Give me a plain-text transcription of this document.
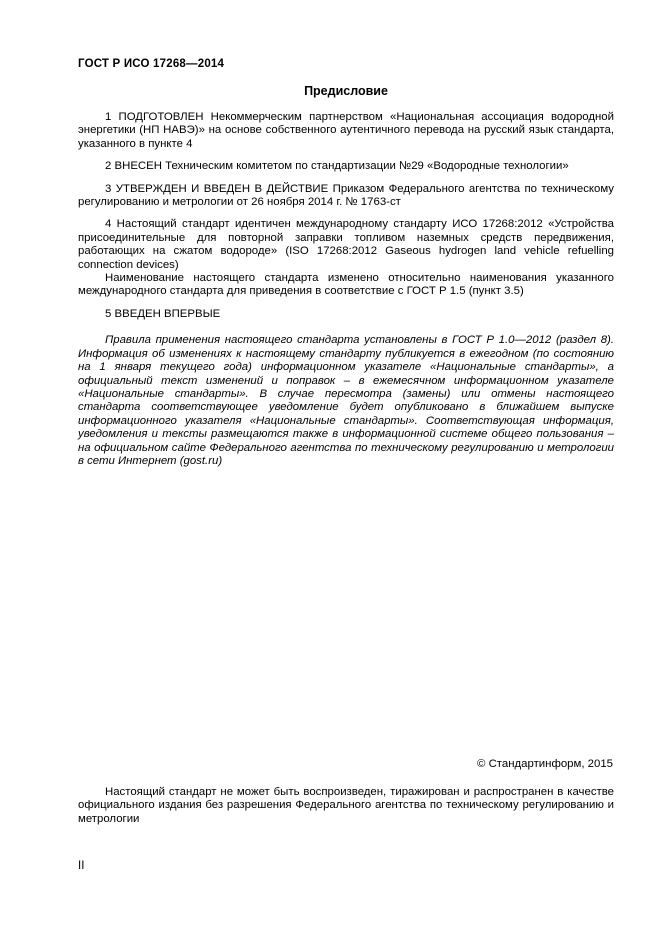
ГОСТ Р ИСО 17268—2014
Предисловие

1 ПОДГОТОВЛЕН Некоммерческим партнерством «Национальная ассоциация водородной энергетики (НП НАВЭ)» на основе собственного аутентичного перевода на русский язык стандарта, указанного в пункте 4

2 ВНЕСЕН Техническим комитетом по стандартизации №29 «Водородные технологии»

3 УТВЕРЖДЕН И ВВЕДЕН В ДЕЙСТВИЕ Приказом Федерального агентства по техническому регулированию и метрологии от 26 ноября 2014 г. № 1763-ст

4 Настоящий стандарт идентичен международному стандарту ИСО 17268:2012 «Устройства присоединительные для повторной заправки топливом наземных средств передвижения, работающих на сжатом водороде» (ISO 17268:2012 Gaseous hydrogen land vehicle refuelling connection devices)

Наименование настоящего стандарта изменено относительно наименования указанного международного стандарта для приведения в соответствие с ГОСТ Р 1.5 (пункт 3.5)

5 ВВЕДЕН ВПЕРВЫЕ

Правила применения настоящего стандарта установлены в ГОСТ Р 1.0—2012 (раздел 8). Информация об изменениях к настоящему стандарту публикуется в ежегодном (по состоянию на 1 января текущего года) информационном указателе «Национальные стандарты», а официальный текст изменений и поправок – в ежемесячном информационном указателе «Национальные стандарты». В случае пересмотра (замены) или отмены настоящего стандарта соответствующее уведомление будет опубликовано в ближайшем выпуске информационного указателя «Национальные стандарты». Соответствующая информация, уведомления и тексты размещаются также в информационной системе общего пользования – на официальном сайте Федерального агентства по техническому регулированию и метрологии в сети Интернет (gost.ru)

© Стандартинформ, 2015
Настоящий стандарт не может быть воспроизведен, тиражирован и распространен в качестве официального издания без разрешения Федерального агентства по техническому регулированию и метрологии
II
